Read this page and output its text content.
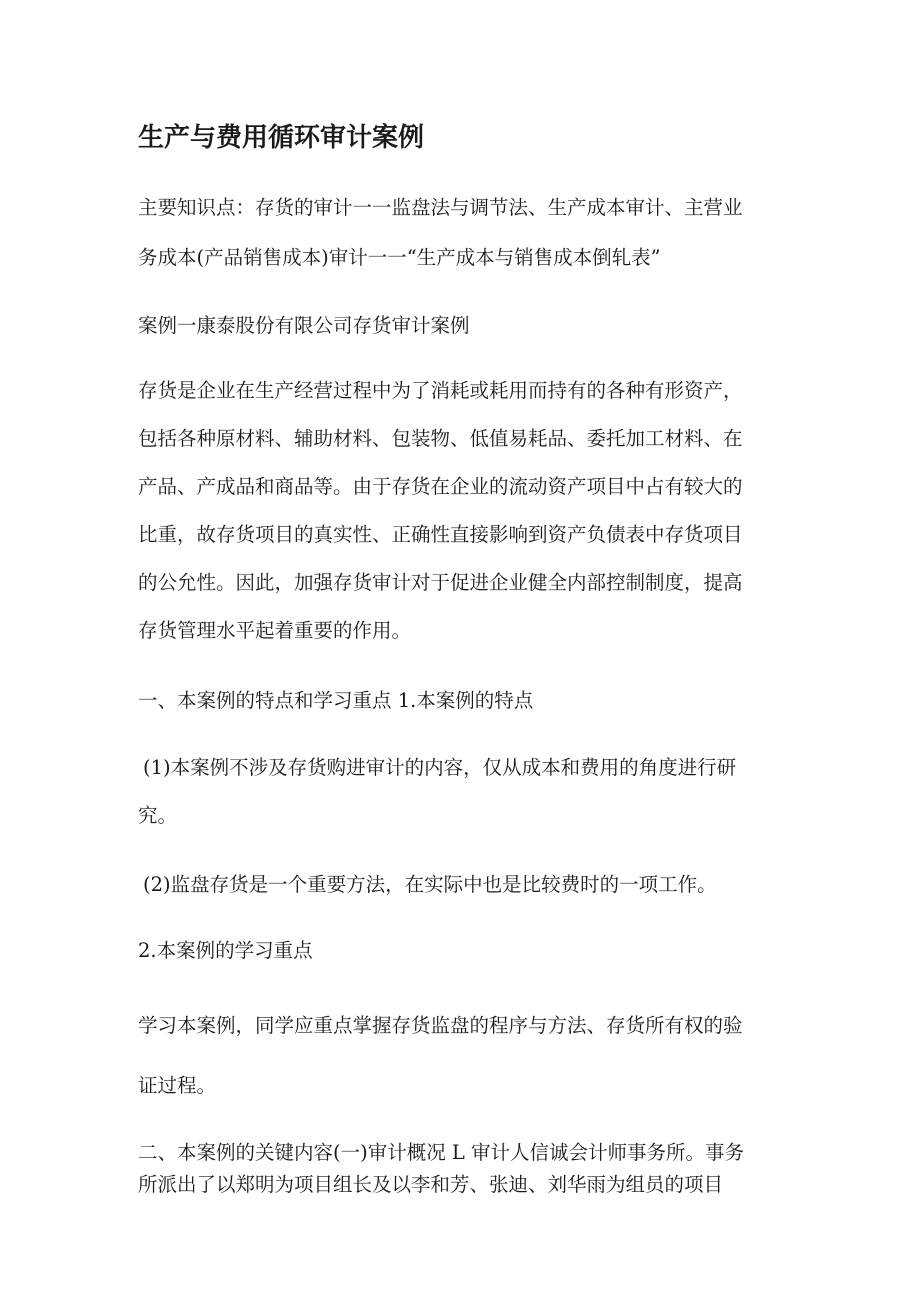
生产与费用循环审计案例

主要知识点：存货的审计一一监盘法与调节法、生产成本审计、主营业
务成本(产品销售成本)审计一一“生产成本与销售成本倒轧表”

案例一康泰股份有限公司存货审计案例

存货是企业在生产经营过程中为了消耗或耗用而持有的各种有形资产，
包括各种原材料、辅助材料、包装物、低值易耗品、委托加工材料、在
产品、产成品和商品等。由于存货在企业的流动资产项目中占有较大的
比重，故存货项目的真实性、正确性直接影响到资产负债表中存货项目
的公允性。因此，加强存货审计对于促进企业健全内部控制制度，提高
存货管理水平起着重要的作用。

一、本案例的特点和学习重点 1.本案例的特点

(1)本案例不涉及存货购进审计的内容，仅从成本和费用的角度进行研
究。

(2)监盘存货是一个重要方法，在实际中也是比较费时的一项工作。

2.本案例的学习重点

学习本案例，同学应重点掌握存货监盘的程序与方法、存货所有权的验
证过程。

二、本案例的关键内容(一)审计概况 L 审计人信诚会计师事务所。事务
所派出了以郑明为项目组长及以李和芳、张迪、刘华雨为组员的项目
